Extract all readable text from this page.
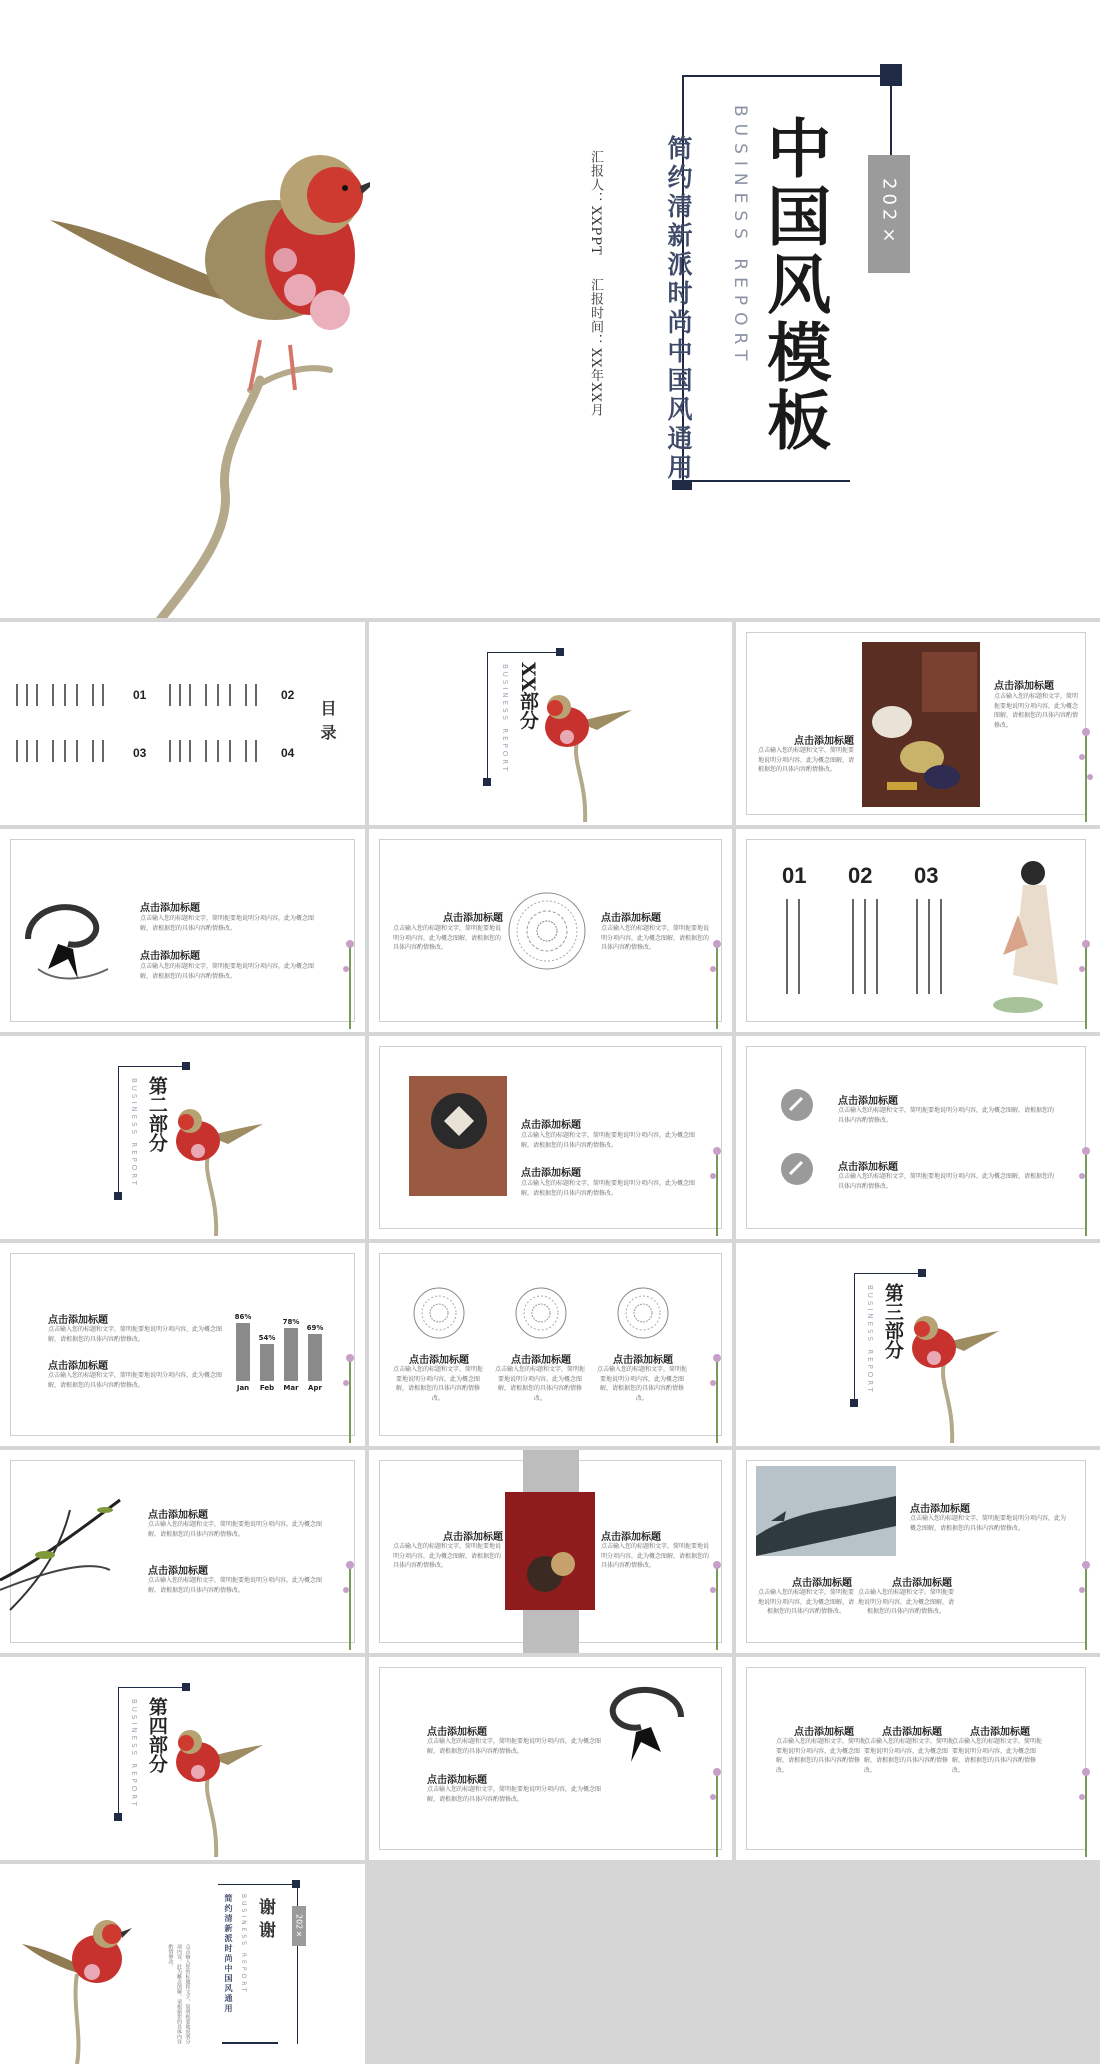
中国风模板
BUSINESS REPORT
简约清新派时尚中国风通用	202×
汇报人：XXPPT
汇报时间：XX年XX月
01
03
02
04
目录	BUSINESS REPORT XX部分
点击添加标题
点击输入您的标题和文字，简明扼要地说明分项内容，此为概念图解，请根据您的具体内容酌情修改。
点击添加标题
点击输入您的标题和文字，简明扼要地说明分项内容，此为概念图解，请根据您的具体内容酌情修改。
点击添加标题
点击输入您的标题和文字，简明扼要地说明分项内容，此为概念图解，请根据您的具体内容酌情修改。
点击添加标题
点击输入您的标题和文字，简明扼要地说明分项内容，此为概念图解，请根据您的具体内容酌情修改。
点击添加标题
点击输入您的标题和文字，简明扼要地说明分项内容，此为概念图解，请根据您的具体内容酌情修改。
点击添加标题
点击输入您的标题和文字，简明扼要地说明分项内容，此为概念图解，请根据您的具体内容酌情修改。
01 02 03
BUSINESS REPORT 第二部分	点击添加标题
点击输入您的标题和文字，简明扼要地说明分项内容，此为概念图解，请根据您的具体内容酌情修改。
点击添加标题
点击输入您的标题和文字，简明扼要地说明分项内容，此为概念图解，请根据您的具体内容酌情修改。
点击添加标题
点击输入您的标题和文字，简明扼要地说明分项内容，此为概念图解，请根据您的具体内容酌情修改。
点击添加标题
点击输入您的标题和文字，简明扼要地说明分项内容，此为概念图解，请根据您的具体内容酌情修改。
点击添加标题
点击输入您的标题和文字，简明扼要地说明分项内容，此为概念图解，请根据您的具体内容酌情修改。
点击添加标题
点击输入您的标题和文字，简明扼要地说明分项内容，此为概念图解，请根据您的具体内容酌情修改。
86%
54%
78%
69%
Jan	Feb	Mar	Apr
点击添加标题
点击输入您的标题和文字，简明扼要地说明分项内容，此为概念图解，请根据您的具体内容酌情修改。
点击添加标题
点击输入您的标题和文字，简明扼要地说明分项内容，此为概念图解，请根据您的具体内容酌情修改。
点击添加标题
点击输入您的标题和文字，简明扼要地说明分项内容，此为概念图解，请根据您的具体内容酌情修改。
BUSINESS REPORT 第三部分
点击添加标题
点击输入您的标题和文字，简明扼要地说明分项内容，此为概念图解，请根据您的具体内容酌情修改。
点击添加标题
点击输入您的标题和文字，简明扼要地说明分项内容，此为概念图解，请根据您的具体内容酌情修改。
点击添加标题
点击输入您的标题和文字，简明扼要地说明分项内容，此为概念图解，请根据您的具体内容酌情修改。
点击添加标题
点击输入您的标题和文字，简明扼要地说明分项内容，此为概念图解，请根据您的具体内容酌情修改。
点击添加标题
点击输入您的标题和文字，简明扼要地说明分项内容，此为概念图解，请根据您的具体内容酌情修改。
点击添加标题
点击输入您的标题和文字，简明扼要地说明分项内容，此为概念图解，请根据您的具体内容酌情修改。
点击添加标题
点击输入您的标题和文字，简明扼要地说明分项内容，此为概念图解，请根据您的具体内容酌情修改。
BUSINESS REPORT 第四部分	点击添加标题
点击输入您的标题和文字，简明扼要地说明分项内容，此为概念图解，请根据您的具体内容酌情修改。
点击添加标题
点击输入您的标题和文字，简明扼要地说明分项内容，此为概念图解，请根据您的具体内容酌情修改。
点击添加标题
点击输入您的标题和文字，简明扼要地说明分项内容，此为概念图解，请根据您的具体内容酌情修改。
点击添加标题
点击输入您的标题和文字，简明扼要地说明分项内容，此为概念图解，请根据您的具体内容酌情修改。
点击添加标题
点击输入您的标题和文字，简明扼要地说明分项内容，此为概念图解，请根据您的具体内容酌情修改。
202×
谢谢
BUSINESS REPORT
简约清新派时尚中国风通用
点击输入您的标题和文字，简明扼要地说明分项内容，此为概念图解，请根据您的具体内容酌情修改。
